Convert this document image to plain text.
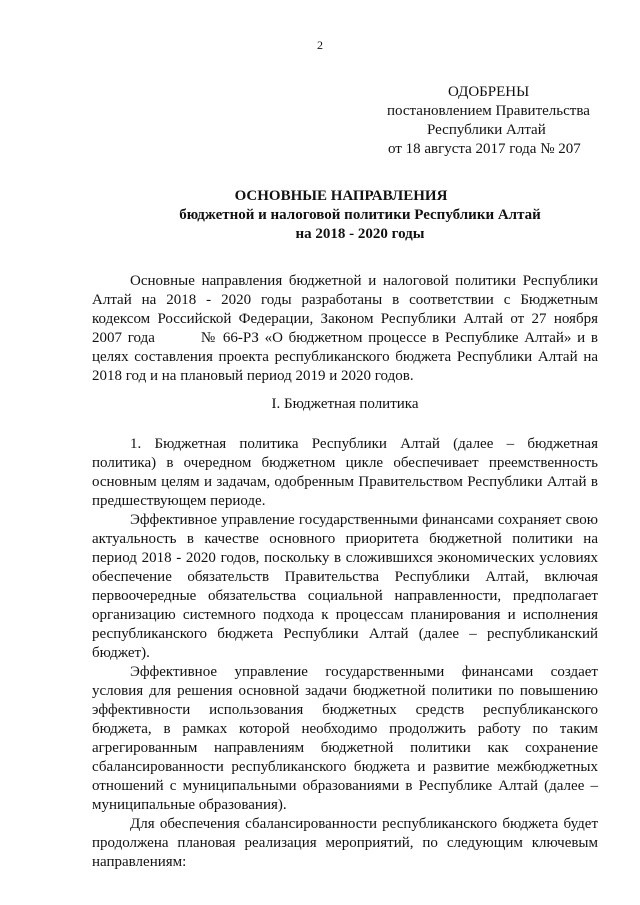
2
ОДОБРЕНЫ
постановлением Правительства
Республики Алтай
от 18 августа 2017 года № 207
ОСНОВНЫЕ НАПРАВЛЕНИЯ
бюджетной и налоговой политики Республики Алтай
на 2018 - 2020 годы

Основные направления бюджетной и налоговой политики Республики Алтай на 2018 - 2020 годы разработаны в соответствии с Бюджетным кодексом Российской Федерации, Законом Республики Алтай от 27 ноября 2007 года	№ 66-РЗ «О бюджетном процессе в Республике Алтай» и в целях составления проекта республиканского бюджета Республики Алтай на 2018 год и на плановый период 2019 и 2020 годов.

I. Бюджетная политика

1. Бюджетная политика Республики Алтай (далее – бюджетная политика) в очередном бюджетном цикле обеспечивает преемственность основным целям и задачам, одобренным Правительством Республики Алтай в предшествующем периоде.

Эффективное управление государственными финансами сохраняет свою актуальность в качестве основного приоритета бюджетной политики на период 2018 - 2020 годов, поскольку в сложившихся экономических условиях обеспечение обязательств Правительства Республики Алтай, включая первоочередные обязательства социальной направленности, предполагает организацию системного подхода к процессам планирования и исполнения республиканского бюджета Республики Алтай (далее – республиканский бюджет).

Эффективное управление государственными финансами создает условия для решения основной задачи бюджетной политики по повышению эффективности использования бюджетных средств республиканского бюджета, в рамках которой необходимо продолжить работу по таким агрегированным направлениям бюджетной политики как сохранение сбалансированности республиканского бюджета и развитие межбюджетных отношений с муниципальными образованиями в Республике Алтай (далее – муниципальные образования).

Для обеспечения сбалансированности республиканского бюджета будет продолжена плановая реализация мероприятий, по следующим ключевым направлениям:
